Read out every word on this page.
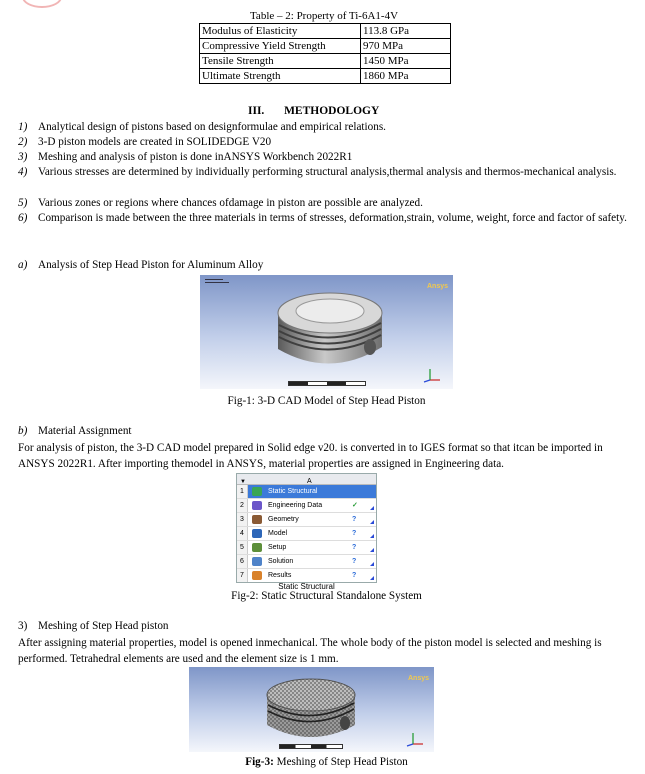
Table – 2: Property of Ti-6A1-4V
Modulus of Elasticity	113.8 GPa
Compressive Yield Strength	970 MPa
Tensile Strength	1450 MPa
Ultimate Strength	1860 MPa
III. METHODOLOGY
1) Analytical design of pistons based on designformulae and empirical relations.
2) 3-D piston models are created in SOLIDEDGE V20
3) Meshing and analysis of piston is done inANSYS Workbench 2022R1
4) Various stresses are determined by individually performing structural analysis,thermal analysis and thermos-mechanical analysis.
5) Various zones or regions where chances ofdamage in piston are possible are analyzed.
6) Comparison is made between the three materials in terms of stresses, deformation,strain, volume, weight, force and factor of safety.
a) Analysis of Step Head Piston for Aluminum Alloy
Ansys
Fig-1: 3-D CAD Model of Step Head Piston
b) Material Assignment
For analysis of piston, the 3-D CAD model prepared in Solid edge v20. is converted in to IGES format so that itcan be imported in ANSYS 2022R1. After importing themodel in ANSYS, material properties are assigned in Engineering data.
▼	A
1	Static Structural
2	Engineering Data	✓
3	Geometry	?
4	Model	?
5	Setup	?
6	Solution	?
7	Results	?
Static Structural
Fig-2: Static Structural Standalone System
3) Meshing of Step Head piston
After assigning material properties, model is opened inmechanical. The whole body of the piston model is selected and meshing is performed. Tetrahedral elements are used and the element size is 1 mm.
Ansys
Fig-3: Meshing of Step Head Piston
